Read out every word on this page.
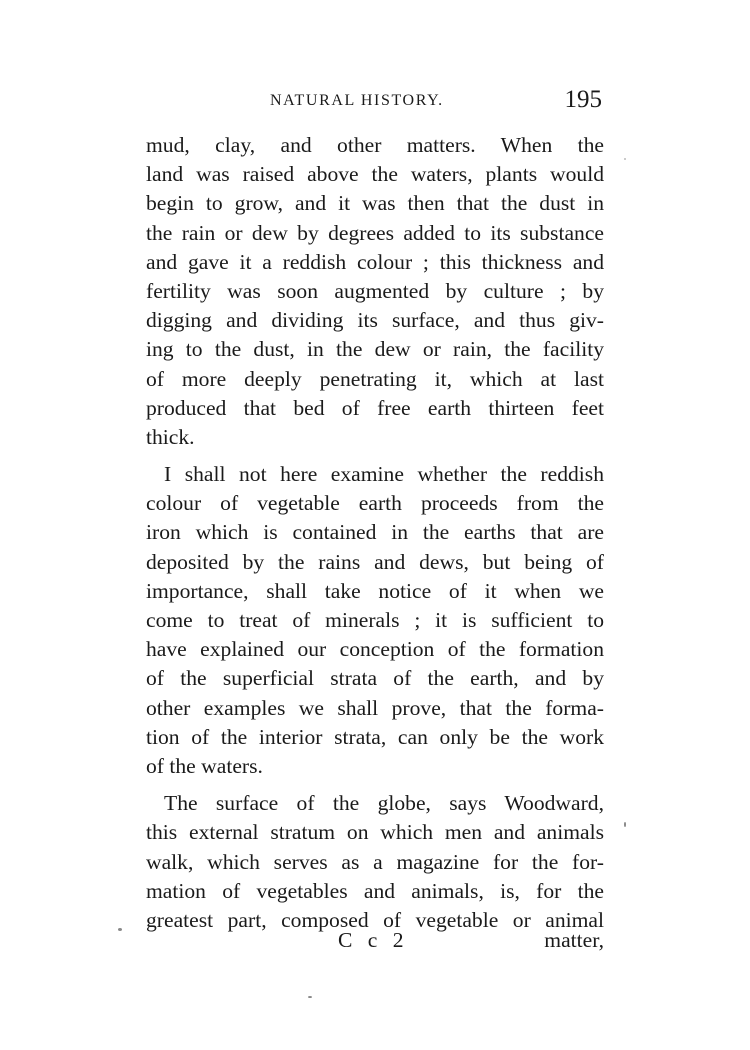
NATURAL HISTORY.	195
mud, clay, and other matters. When the
land was raised above the waters, plants would
begin to grow, and it was then that the dust in
the rain or dew by degrees added to its substance
and gave it a reddish colour ; this thickness and
fertility was soon augmented by culture ; by
digging and dividing its surface, and thus giv-
ing to the dust, in the dew or rain, the facility
of more deeply penetrating it, which at last
produced that bed of free earth thirteen feet
thick.
I shall not here examine whether the reddish
colour of vegetable earth proceeds from the
iron which is contained in the earths that are
deposited by the rains and dews, but being of
importance, shall take notice of it when we
come to treat of minerals ; it is sufficient to
have explained our conception of the formation
of the superficial strata of the earth, and by
other examples we shall prove, that the forma-
tion of the interior strata, can only be the work
of the waters.
The surface of the globe, says Woodward,
this external stratum on which men and animals
walk, which serves as a magazine for the for-
mation of vegetables and animals, is, for the
greatest part, composed of vegetable or animal
C c 2	matter,
